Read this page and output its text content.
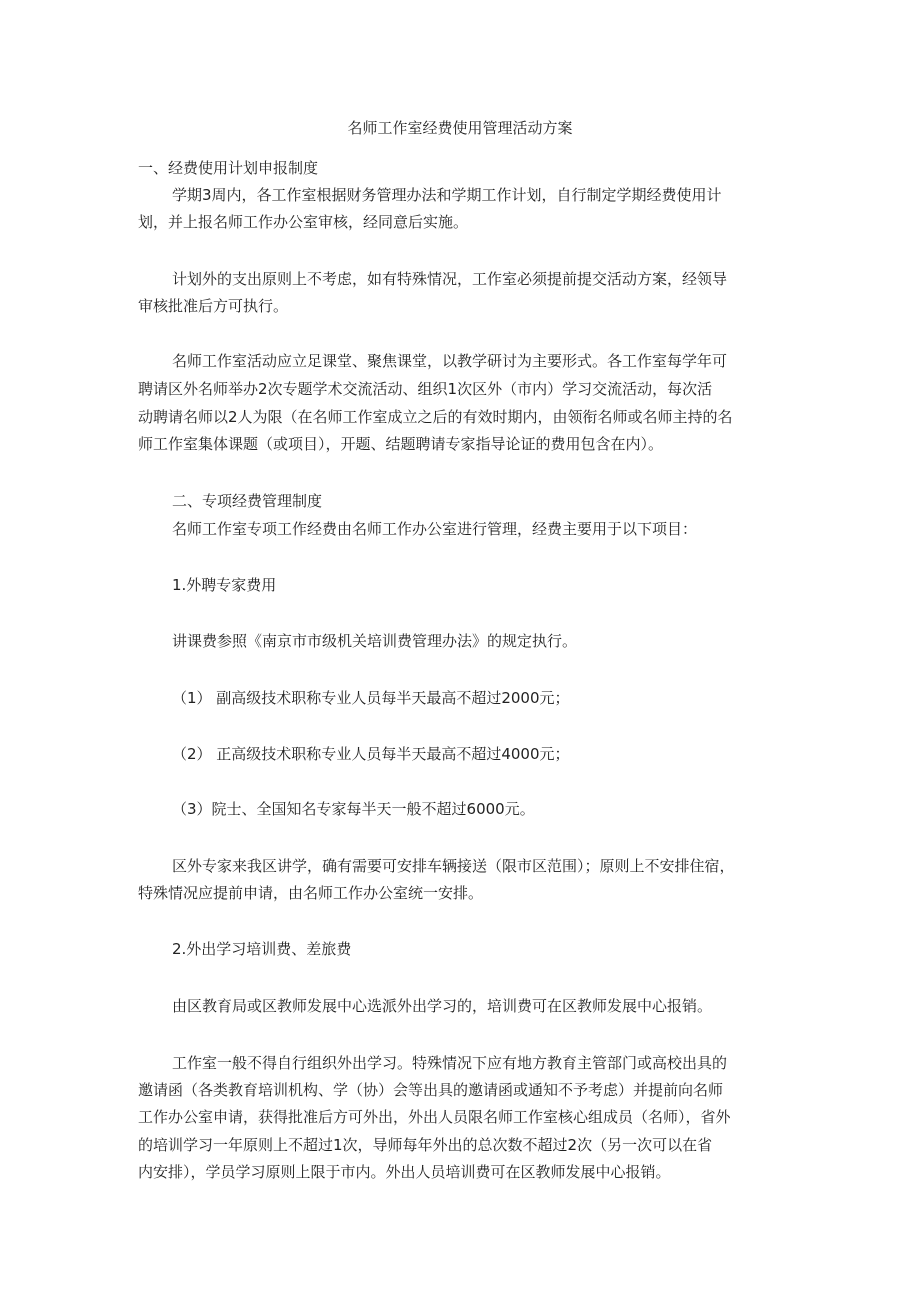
名师工作室经费使用管理活动方案
一、经费使用计划申报制度
学期3周内，各工作室根据财务管理办法和学期工作计划，自行制定学期经费使用计
划，并上报名师工作办公室审核，经同意后实施。
计划外的支出原则上不考虑，如有特殊情况，工作室必须提前提交活动方案，经领导
审核批准后方可执行。
名师工作室活动应立足课堂、聚焦课堂，以教学研讨为主要形式。各工作室每学年可
聘请区外名师举办2次专题学术交流活动、组织1次区外（市内）学习交流活动，每次活
动聘请名师以2人为限（在名师工作室成立之后的有效时期内，由领衔名师或名师主持的名
师工作室集体课题（或项目），开题、结题聘请专家指导论证的费用包含在内）。
二、专项经费管理制度
名师工作室专项工作经费由名师工作办公室进行管理，经费主要用于以下项目：
1.外聘专家费用
讲课费参照《南京市市级机关培训费管理办法》的规定执行。
（1） 副高级技术职称专业人员每半天最高不超过2000元；
（2） 正高级技术职称专业人员每半天最高不超过4000元；
（3）院士、全国知名专家每半天一般不超过6000元。
区外专家来我区讲学，确有需要可安排车辆接送（限市区范围）；原则上不安排住宿，
特殊情况应提前申请，由名师工作办公室统一安排。
2.外出学习培训费、差旅费
由区教育局或区教师发展中心选派外出学习的，培训费可在区教师发展中心报销。
工作室一般不得自行组织外出学习。特殊情况下应有地方教育主管部门或高校出具的
邀请函（各类教育培训机构、学（协）会等出具的邀请函或通知不予考虑）并提前向名师
工作办公室申请，获得批准后方可外出，外出人员限名师工作室核心组成员（名师），省外
的培训学习一年原则上不超过1次，导师每年外出的总次数不超过2次（另一次可以在省
内安排），学员学习原则上限于市内。外出人员培训费可在区教师发展中心报销。
